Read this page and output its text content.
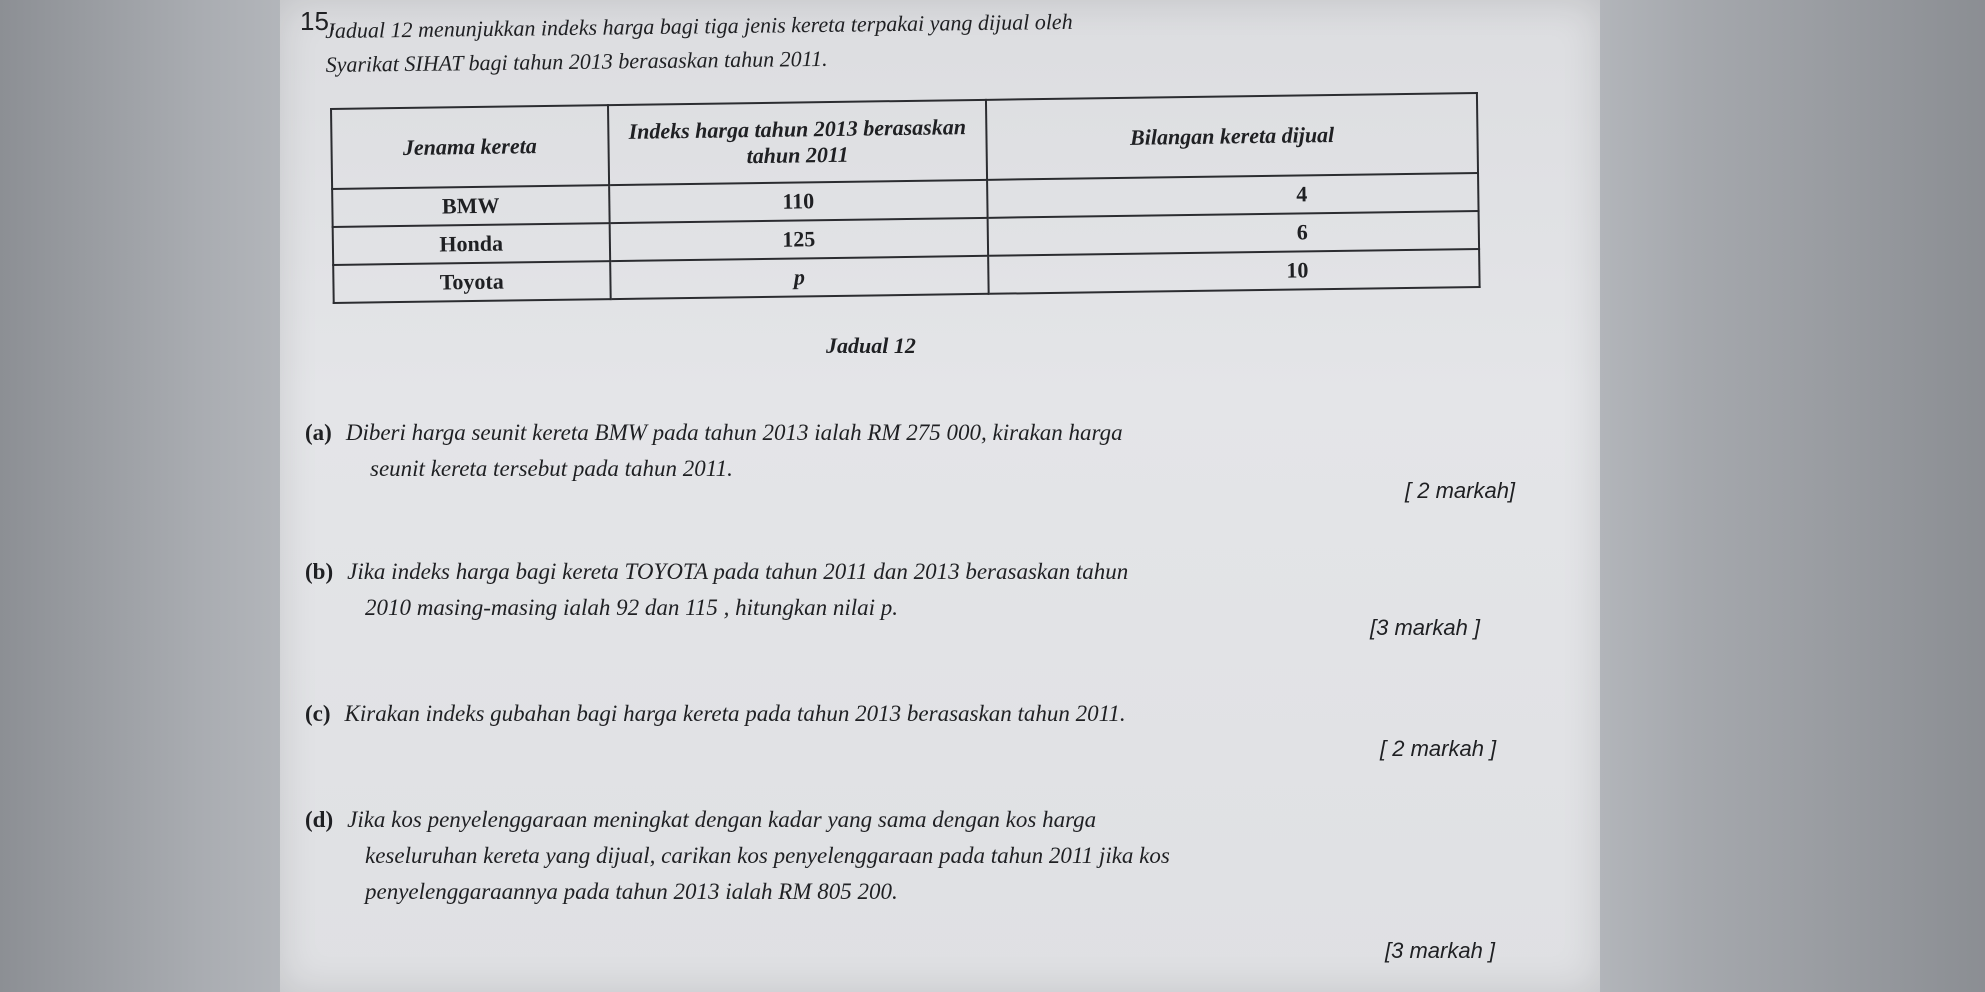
15.

Jadual 12 menunjukkan indeks harga bagi tiga jenis kereta terpakai yang dijual oleh

Syarikat SIHAT bagi tahun 2013 berasaskan tahun 2011.

Jenama kereta	Indeks harga tahun 2013 berasaskan tahun 2011	Bilangan kereta dijual
BMW	110	4
Honda	125	6
Toyota	p	10
Jadual 12

(a) Diberi harga seunit kereta BMW pada tahun 2013 ialah RM 275 000, kirakan harga

seunit kereta tersebut pada tahun 2011.

[ 2 markah]

(b) Jika indeks harga bagi kereta TOYOTA pada tahun 2011 dan 2013 berasaskan tahun

2010 masing-masing ialah 92 dan 115 , hitungkan nilai p.

[3 markah ]

(c) Kirakan indeks gubahan bagi harga kereta pada tahun 2013 berasaskan tahun 2011.

[ 2 markah ]

(d) Jika kos penyelenggaraan meningkat dengan kadar yang sama dengan kos harga

keseluruhan kereta yang dijual, carikan kos penyelenggaraan pada tahun 2011 jika kos

penyelenggaraannya pada tahun 2013 ialah RM 805 200.

[3 markah ]
